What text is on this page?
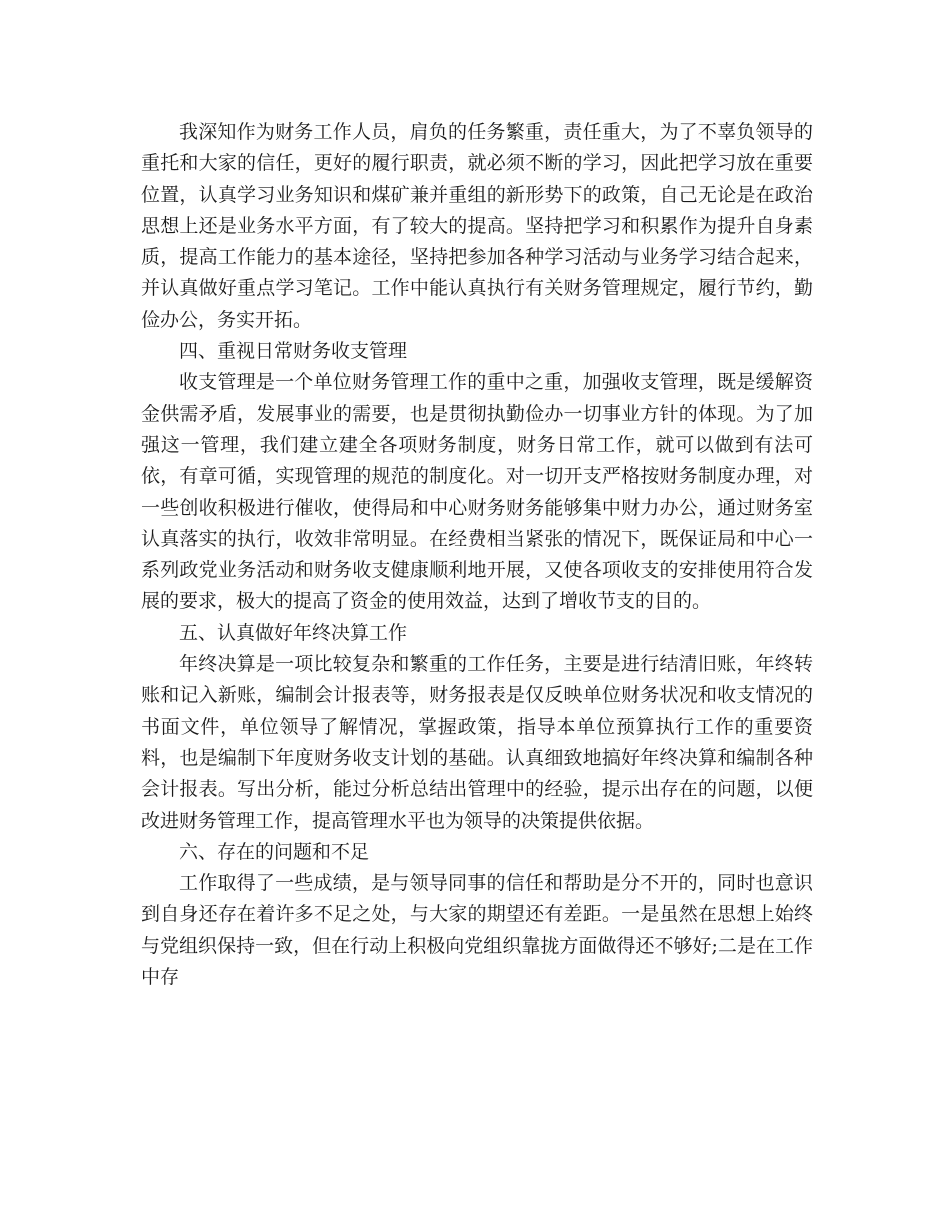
我深知作为财务工作人员，肩负的任务繁重，责任重大，为了不辜负领导的重托和大家的信任，更好的履行职责，就必须不断的学习，因此把学习放在重要位置，认真学习业务知识和煤矿兼并重组的新形势下的政策，自己无论是在政治思想上还是业务水平方面，有了较大的提高。坚持把学习和积累作为提升自身素质，提高工作能力的基本途径，坚持把参加各种学习活动与业务学习结合起来，并认真做好重点学习笔记。工作中能认真执行有关财务管理规定，履行节约，勤俭办公，务实开拓。

四、重视日常财务收支管理

收支管理是一个单位财务管理工作的重中之重，加强收支管理，既是缓解资金供需矛盾，发展事业的需要，也是贯彻执勤俭办一切事业方针的体现。为了加强这一管理，我们建立建全各项财务制度，财务日常工作，就可以做到有法可依，有章可循，实现管理的规范的制度化。对一切开支严格按财务制度办理，对一些创收积极进行催收，使得局和中心财务财务能够集中财力办公，通过财务室认真落实的执行，收效非常明显。在经费相当紧张的情况下，既保证局和中心一系列政党业务活动和财务收支健康顺利地开展，又使各项收支的安排使用符合发展的要求，极大的提高了资金的使用效益，达到了增收节支的目的。

五、认真做好年终决算工作

年终决算是一项比较复杂和繁重的工作任务，主要是进行结清旧账，年终转账和记入新账，编制会计报表等，财务报表是仅反映单位财务状况和收支情况的书面文件，单位领导了解情况，掌握政策，指导本单位预算执行工作的重要资料，也是编制下年度财务收支计划的基础。认真细致地搞好年终决算和编制各种会计报表。写出分析，能过分析总结出管理中的经验，提示出存在的问题，以便改进财务管理工作，提高管理水平也为领导的决策提供依据。

六、存在的问题和不足

工作取得了一些成绩，是与领导同事的信任和帮助是分不开的，同时也意识到自身还存在着许多不足之处，与大家的期望还有差距。一是虽然在思想上始终与党组织保持一致，但在行动上积极向党组织靠拢方面做得还不够好;二是在工作中存
